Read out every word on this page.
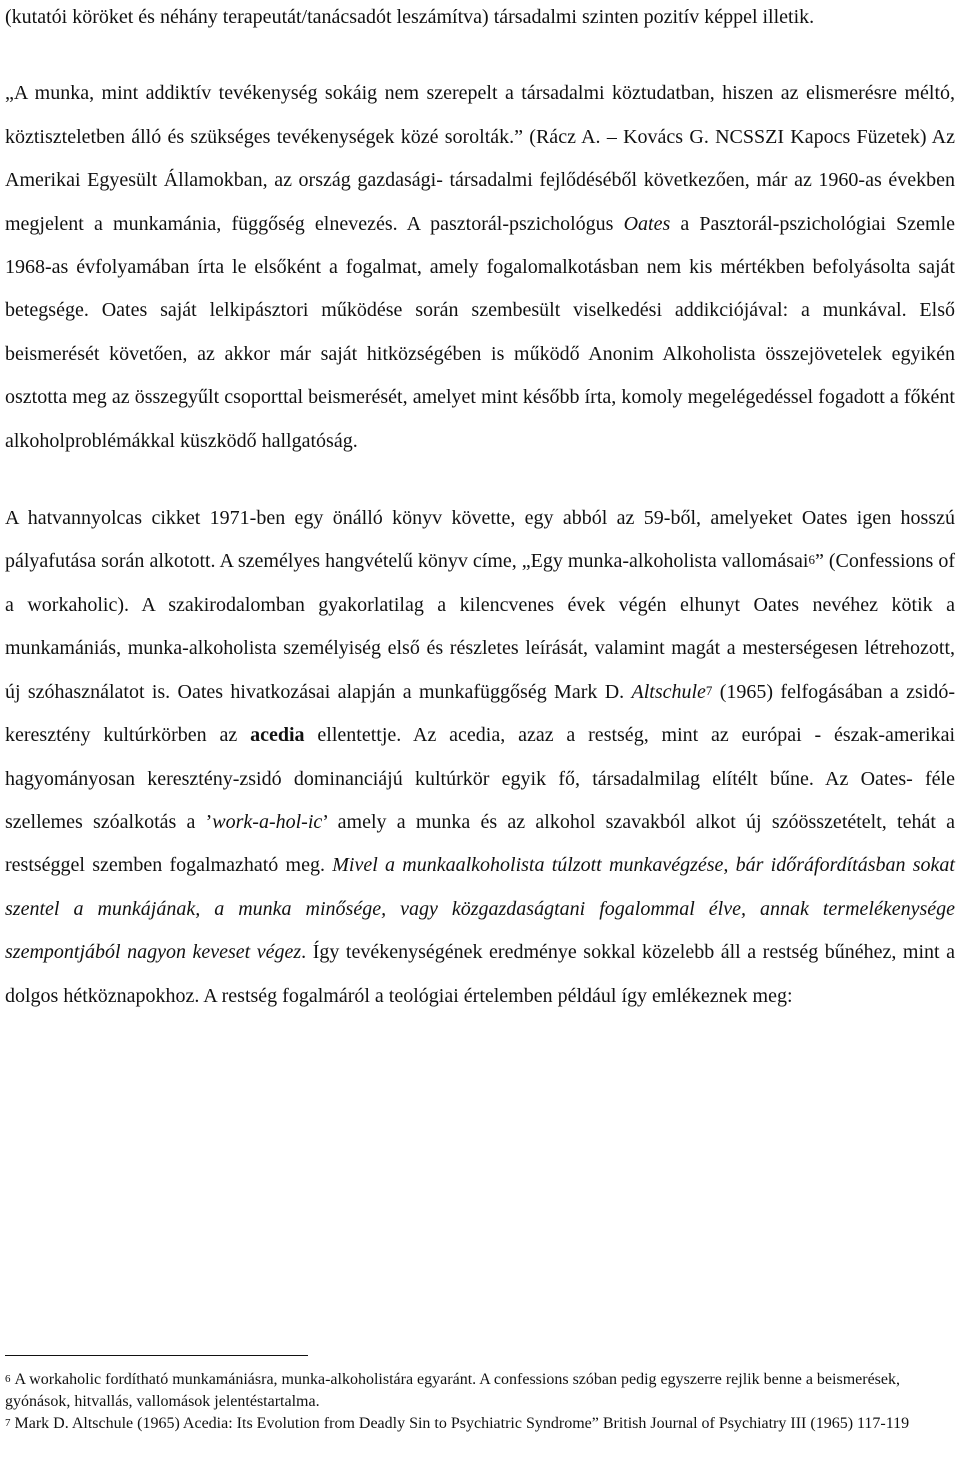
(kutatói köröket és néhány terapeutát/tanácsadót leszámítva) társadalmi szinten pozitív képpel illetik.

„A munka, mint addiktív tevékenység sokáig nem szerepelt a társadalmi köztudatban, hiszen az elismerésre méltó, köztiszteletben álló és szükséges tevékenységek közé sorolták.” (Rácz A. – Kovács G. NCSSZI Kapocs Füzetek) Az Amerikai Egyesült Államokban, az ország gazdasági- társadalmi fejlődéséből következően, már az 1960-as években megjelent a munkamánia, függőség elnevezés. A pasztorál-pszichológus Oates a Pasztorál-pszichológiai Szemle 1968-as évfolyamában írta le elsőként a fogalmat, amely fogalomalkotásban nem kis mértékben befolyásolta saját betegsége. Oates saját lelkipásztori működése során szembesült viselkedési addikciójával: a munkával. Első beismerését követően, az akkor már saját hitközségében is működő Anonim Alkoholista összejövetelek egyikén osztotta meg az összegyűlt csoporttal beismerését, amelyet mint később írta, komoly megelégedéssel fogadott a főként alkoholproblémákkal küszködő hallgatóság.

A hatvannyolcas cikket 1971-ben egy önálló könyv követte, egy abból az 59-ből, amelyeket Oates igen hosszú pályafutása során alkotott. A személyes hangvételű könyv címe, „Egy munka-alkoholista vallomásai$^6$” (Confessions of a workaholic). A szakirodalomban gyakorlatilag a kilencvenes évek végén elhunyt Oates nevéhez kötik a munkamániás, munka-alkoholista személyiség első és részletes leírását, valamint magát a mesterségesen létrehozott, új szóhasználatot is. Oates hivatkozásai alapján a munkafüggőség Mark D. Altschule$^7$ (1965) felfogásában a zsidó-keresztény kultúrkörben az acedia ellentettje. Az acedia, azaz a restség, mint az európai - észak-amerikai hagyományosan keresztény-zsidó dominanciájú kultúrkör egyik fő, társadalmilag elítélt bűne. Az Oates- féle szellemes szóalkotás a ’work-a-hol-ic’ amely a munka és az alkohol szavakból alkot új szóösszetételt, tehát a restséggel szemben fogalmazható meg. Mivel a munkaalkoholista túlzott munkavégzése, bár időráfordításban sokat szentel a munkájának, a munka minősége, vagy közgazdaságtani fogalommal élve, annak termelékenysége szempontjából nagyon keveset végez. Így tevékenységének eredménye sokkal közelebb áll a restség bűnéhez, mint a dolgos hétköznapokhoz. A restség fogalmáról a teológiai értelemben például így emlékeznek meg:

$^6$ A workaholic fordítható munkamániásra, munka-alkoholistára egyaránt. A confessions szóban pedig egyszerre rejlik benne a beismerések, gyónások, hitvallás, vallomások jelentéstartalma.

$^7$ Mark D. Altschule (1965) Acedia: Its Evolution from Deadly Sin to Psychiatric Syndrome” British Journal of Psychiatry III (1965) 117-119
